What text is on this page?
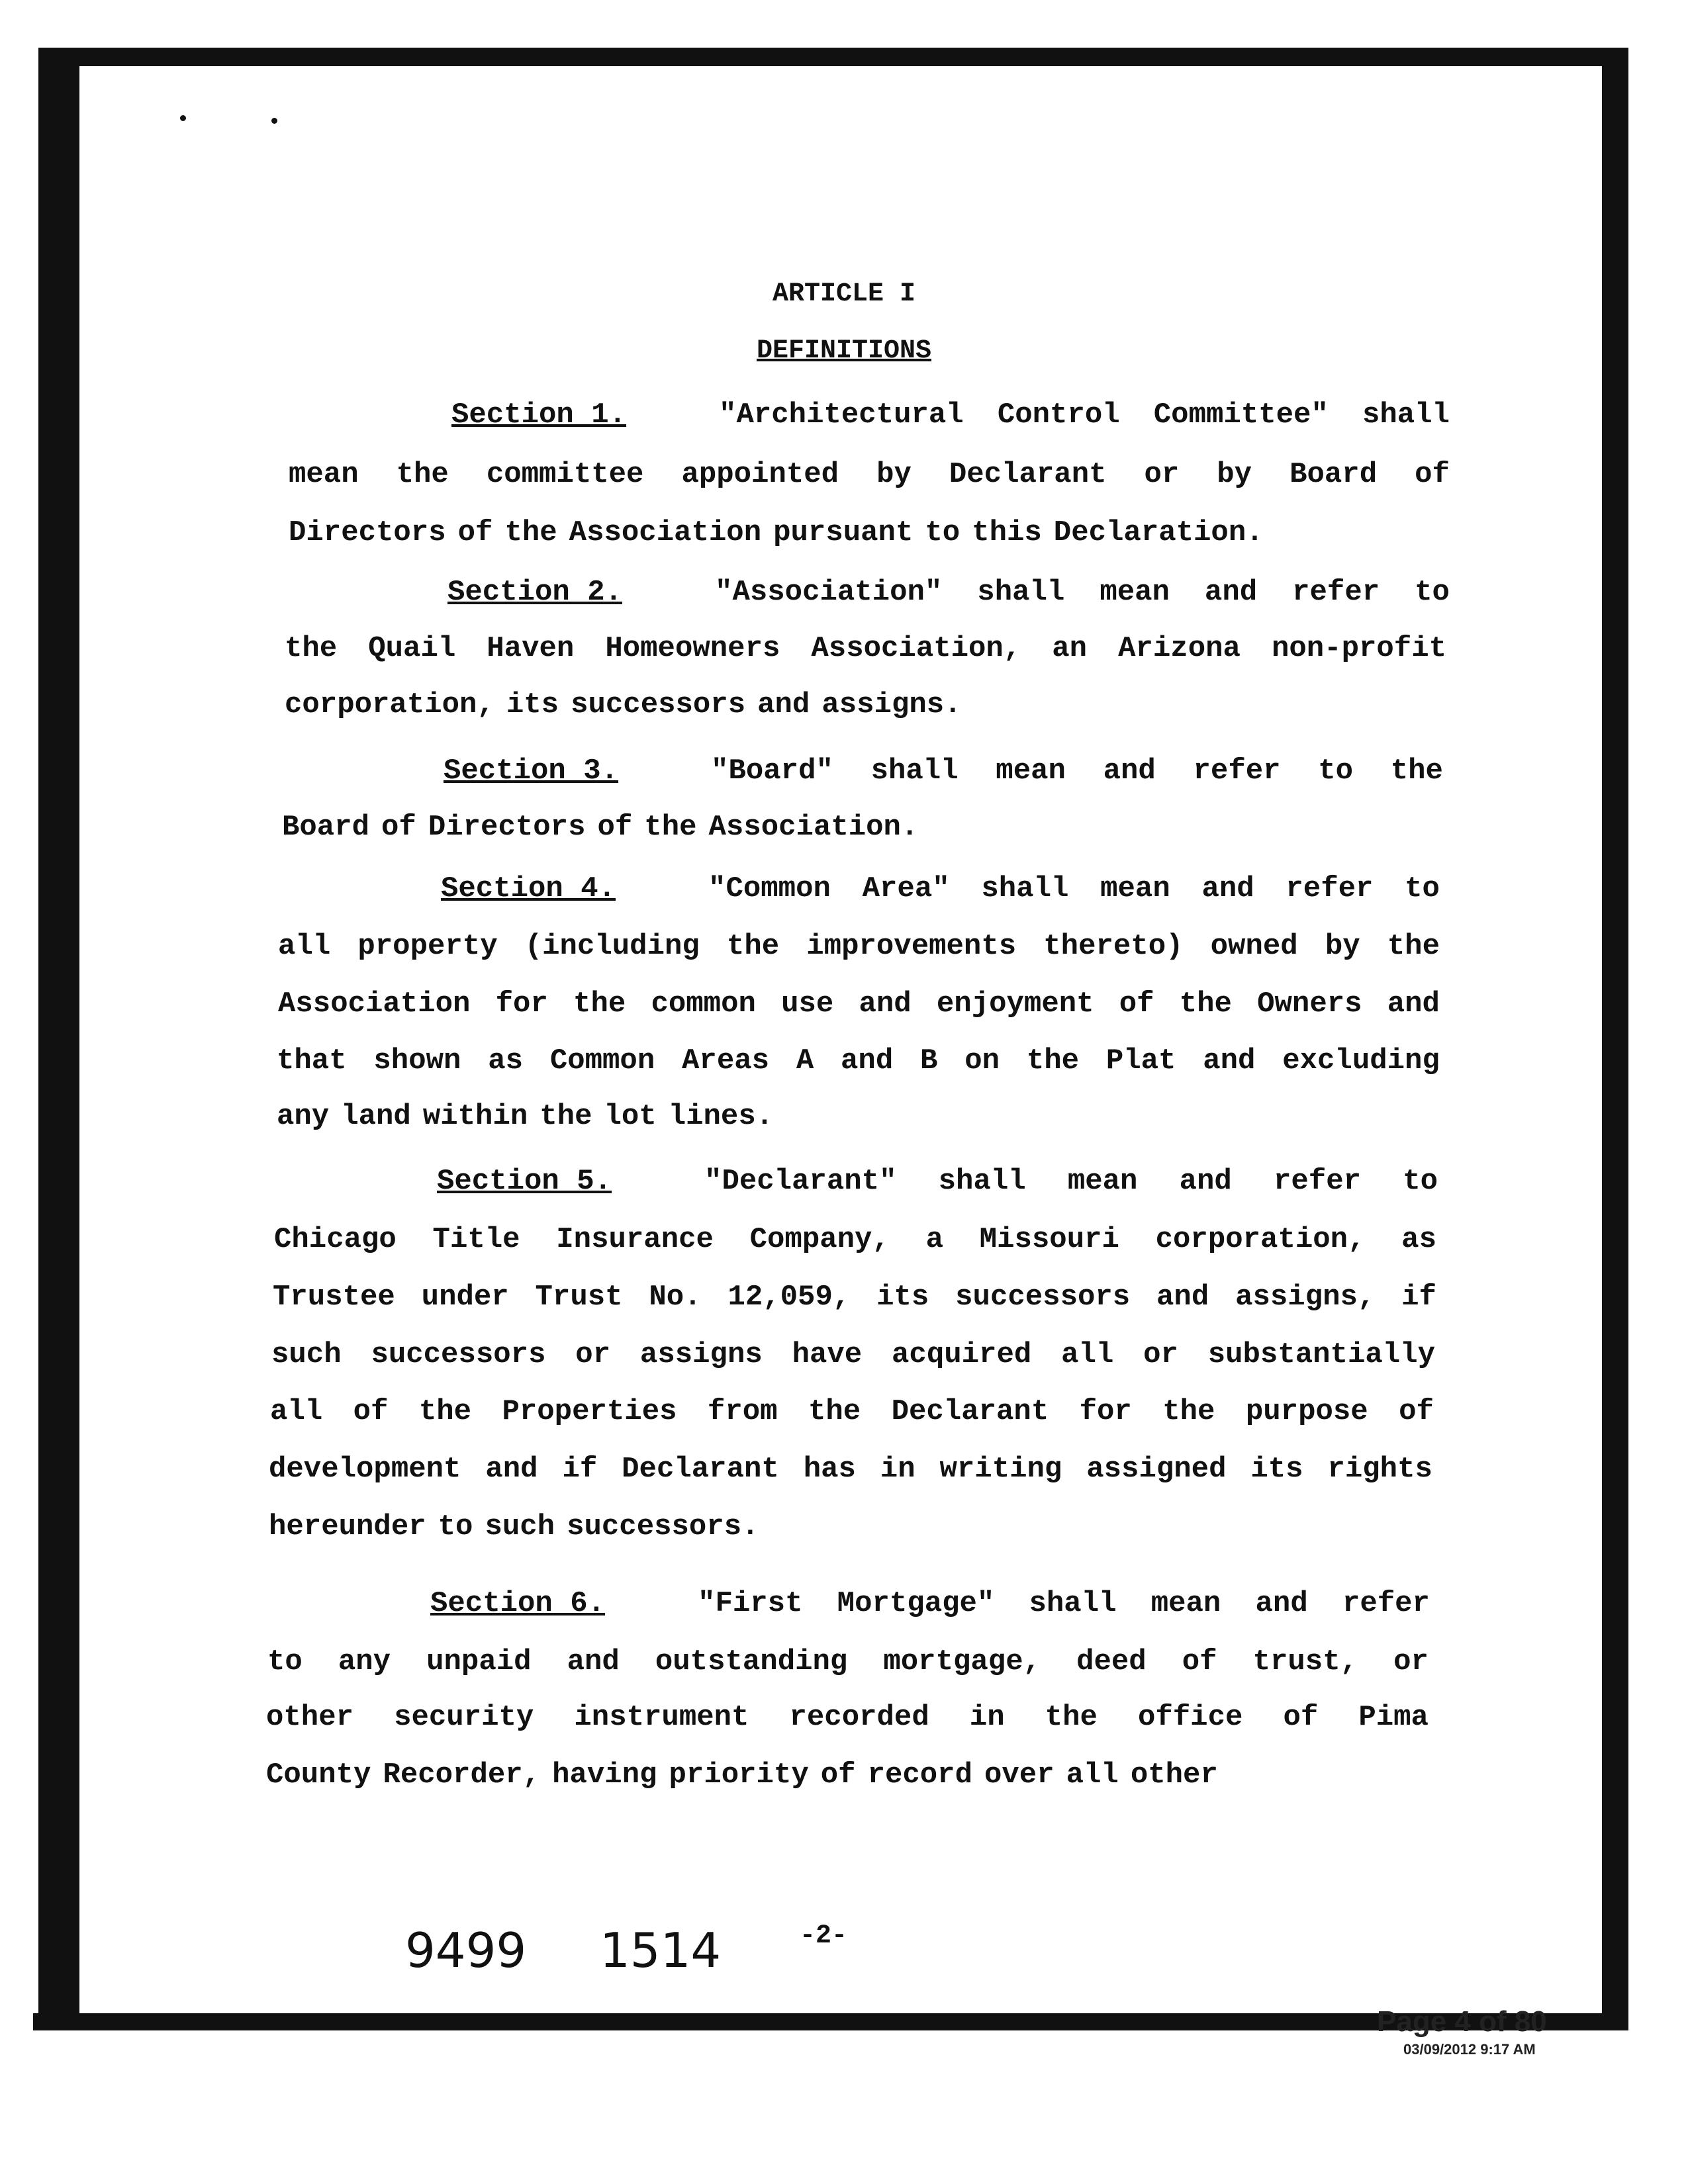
ARTICLE I
DEFINITIONS
Section 1.	"Architectural Control Committee" shall
mean the committee appointed by Declarant or by Board of
Directors of the Association pursuant to this Declaration.
Section 2.	"Association" shall mean and refer to
the Quail Haven Homeowners Association, an Arizona non-profit
corporation, its successors and assigns.
Section 3.	"Board" shall mean and refer to the
Board of Directors of the Association.
Section 4.	"Common Area" shall mean and refer to
all property (including the improvements thereto) owned by the
Association for the common use and enjoyment of the Owners and
that shown as Common Areas A and B on the Plat and excluding
any land within the lot lines.
Section 5.	"Declarant" shall mean and refer to
Chicago Title Insurance Company, a Missouri corporation, as
Trustee under Trust No. 12,059, its successors and assigns, if
such successors or assigns have acquired all or substantially
all of the Properties from the Declarant for the purpose of
development and if Declarant has in writing assigned its rights
hereunder to such successors.
Section 6.	"First Mortgage" shall mean and refer
to any unpaid and outstanding mortgage, deed of trust, or
other security instrument recorded in the office of Pima
County Recorder, having priority of record over all other
9499 1514	-2-
Page 4 of 80
03/09/2012 9:17 AM
